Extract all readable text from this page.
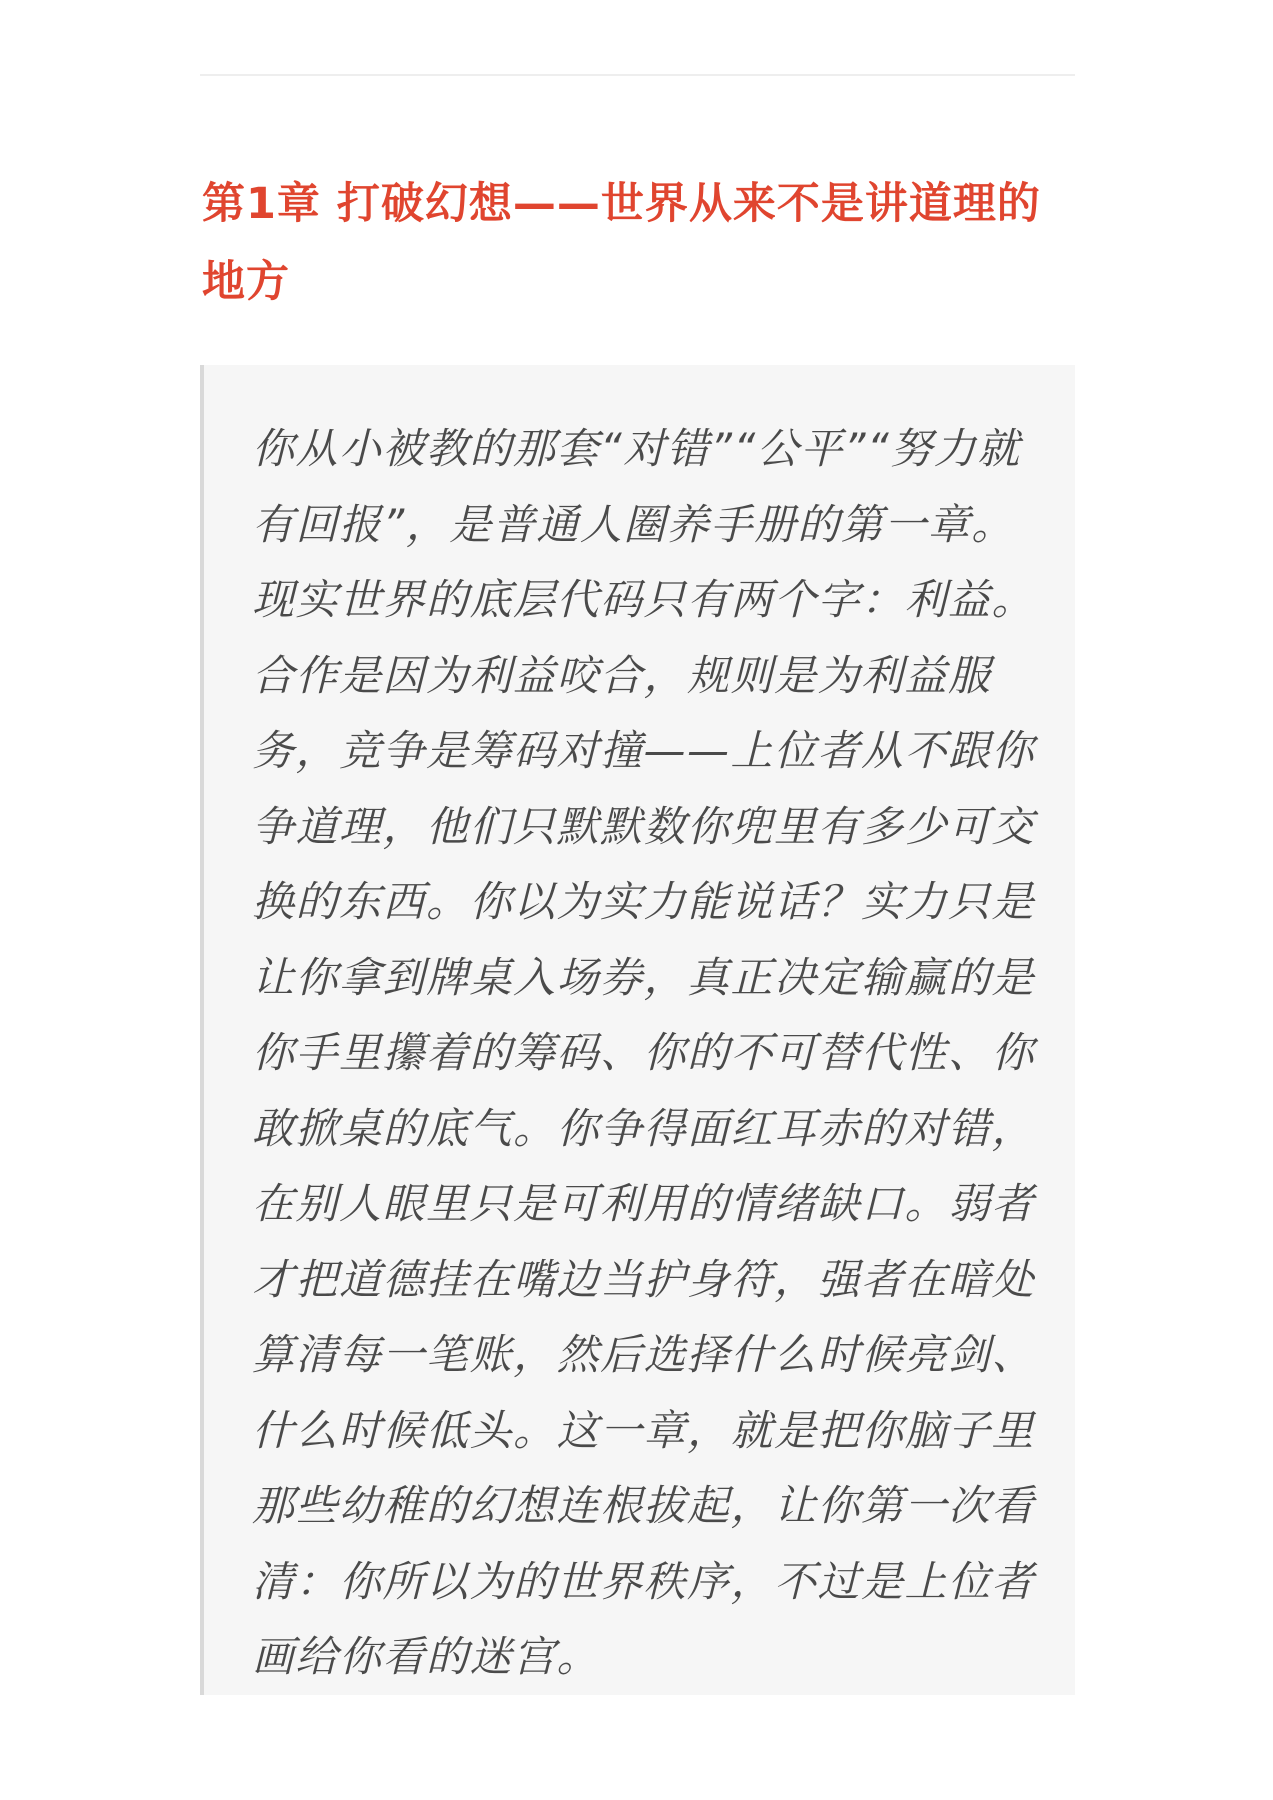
第1章 打破幻想——世界从来不是讲道理的地方

你从小被教的那套“对错”“公平”“努力就有回报”，是普通人圈养手册的第一章。现实世界的底层代码只有两个字：利益。合作是因为利益咬合，规则是为利益服务，竞争是筹码对撞——上位者从不跟你争道理，他们只默默数你兜里有多少可交换的东西。你以为实力能说话？实力只是让你拿到牌桌入场券，真正决定输赢的是你手里攥着的筹码、你的不可替代性、你敢掀桌的底气。你争得面红耳赤的对错，在别人眼里只是可利用的情绪缺口。弱者才把道德挂在嘴边当护身符，强者在暗处算清每一笔账，然后选择什么时候亮剑、什么时候低头。这一章，就是把你脑子里那些幼稚的幻想连根拔起，让你第一次看清：你所以为的世界秩序，不过是上位者画给你看的迷宫。
